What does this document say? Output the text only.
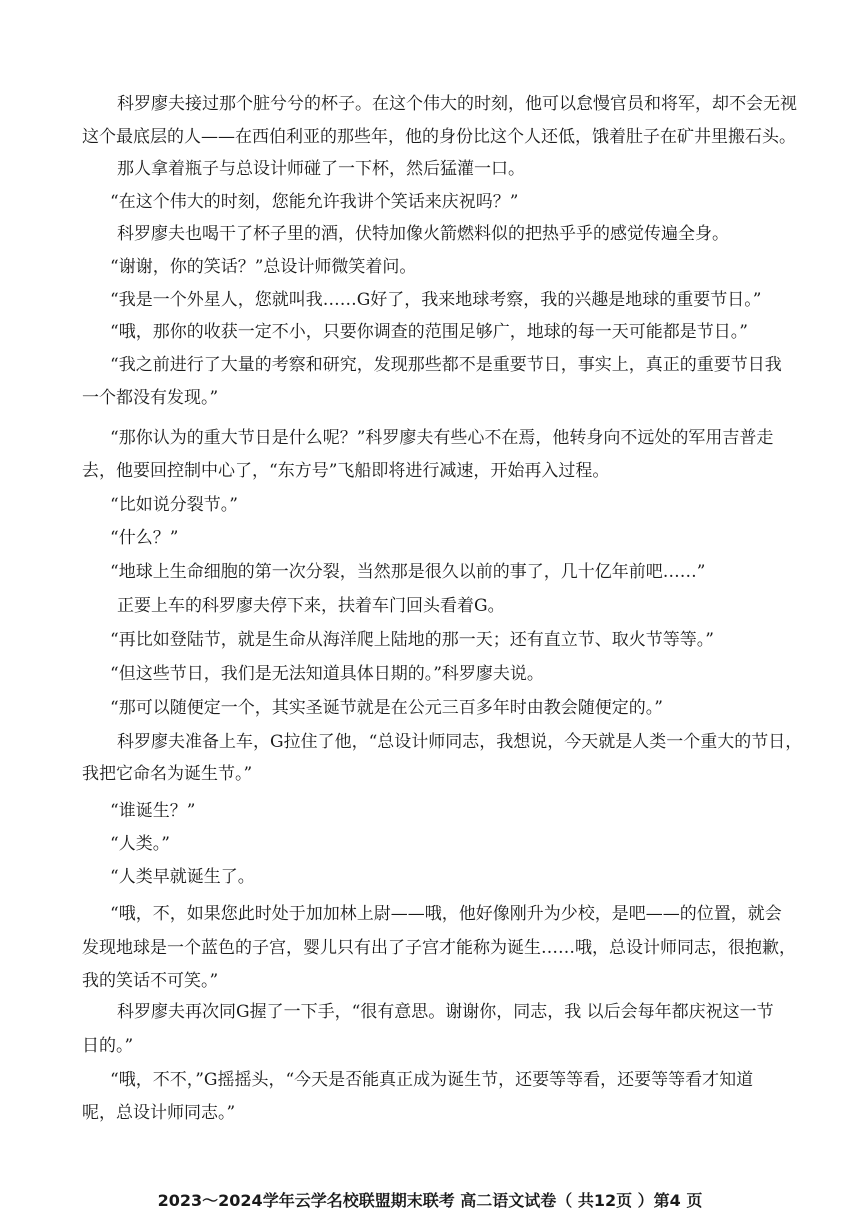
科罗廖夫接过那个脏兮兮的杯子。在这个伟大的时刻，他可以怠慢官员和将军，却不会无视
这个最底层的人——在西伯利亚的那些年，他的身份比这个人还低，饿着肚子在矿井里搬石头。
那人拿着瓶子与总设计师碰了一下杯，然后猛灌一口。
“在这个伟大的时刻，您能允许我讲个笑话来庆祝吗？”
科罗廖夫也喝干了杯子里的酒，伏特加像火箭燃料似的把热乎乎的感觉传遍全身。
“谢谢，你的笑话？”总设计师微笑着问。
“我是一个外星人，您就叫我……G好了，我来地球考察，我的兴趣是地球的重要节日。”
“哦，那你的收获一定不小，只要你调查的范围足够广，地球的每一天可能都是节日。”
“我之前进行了大量的考察和研究，发现那些都不是重要节日，事实上，真正的重要节日我
一个都没有发现。”
“那你认为的重大节日是什么呢？”科罗廖夫有些心不在焉，他转身向不远处的军用吉普走
去，他要回控制中心了，“东方号”飞船即将进行减速，开始再入过程。
“比如说分裂节。”
“什么？”
“地球上生命细胞的第一次分裂，当然那是很久以前的事了，几十亿年前吧……”
正要上车的科罗廖夫停下来，扶着车门回头看着G。
“再比如登陆节，就是生命从海洋爬上陆地的那一天；还有直立节、取火节等等。”
“但这些节日，我们是无法知道具体日期的。”科罗廖夫说。
“那可以随便定一个，其实圣诞节就是在公元三百多年时由教会随便定的。”
科罗廖夫准备上车，G拉住了他，“总设计师同志，我想说，今天就是人类一个重大的节日，
我把它命名为诞生节。”
“谁诞生？”
“人类。”
“人类早就诞生了。
“哦，不，如果您此时处于加加林上尉——哦，他好像刚升为少校，是吧——的位置，就会
发现地球是一个蓝色的子宫，婴儿只有出了子宫才能称为诞生……哦，总设计师同志，很抱歉，
我的笑话不可笑。”
科罗廖夫再次同G握了一下手，“很有意思。谢谢你，同志，我 以后会每年都庆祝这一节
日的。”
“哦，不不，”G摇摇头，“今天是否能真正成为诞生节，还要等等看，还要等等看才知道
呢，总设计师同志。”
2023～2024学年云学名校联盟期末联考 高二语文试卷（ 共12页 ）第4 页
